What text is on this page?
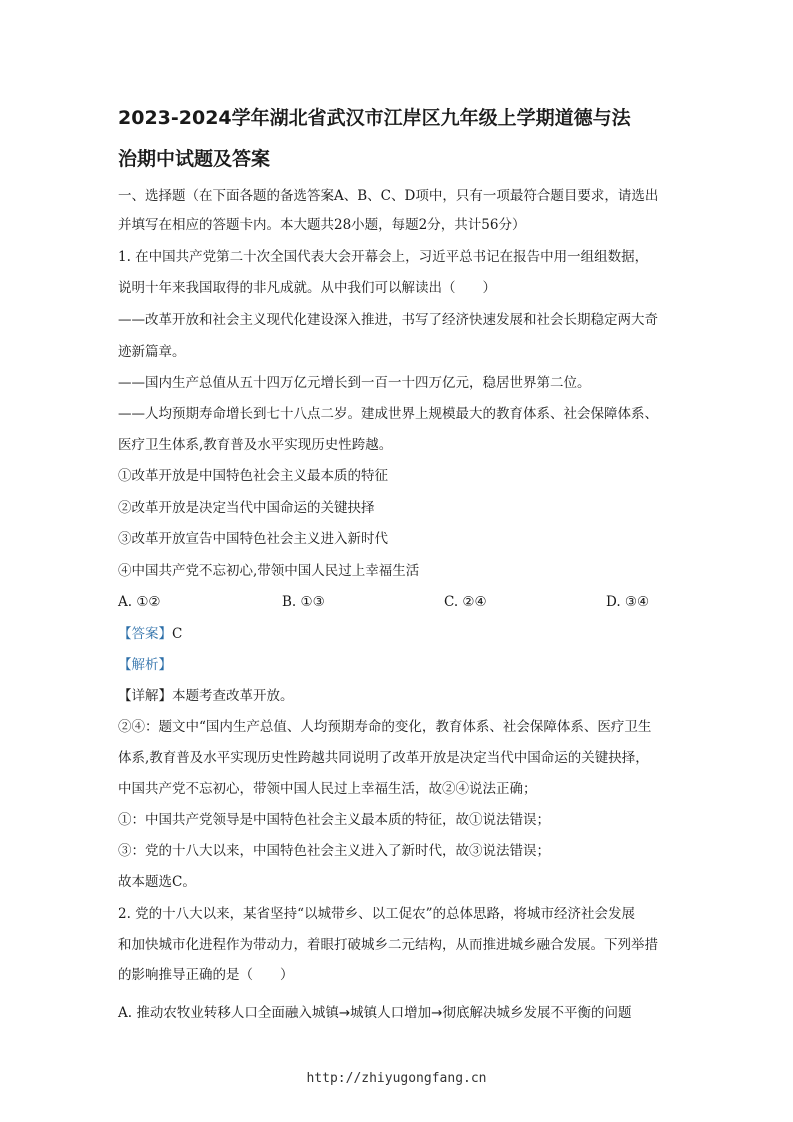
2023-2024学年湖北省武汉市江岸区九年级上学期道德与法
治期中试题及答案
一、选择题（在下面各题的备选答案A、B、C、D项中，只有一项最符合题目要求，请选出
并填写在相应的答题卡内。本大题共28小题，每题2分，共计56分）
1. 在中国共产党第二十次全国代表大会开幕会上，习近平总书记在报告中用一组组数据，
说明十年来我国取得的非凡成就。从中我们可以解读出（　　）
——改革开放和社会主义现代化建设深入推进，书写了经济快速发展和社会长期稳定两大奇
迹新篇章。
——国内生产总值从五十四万亿元增长到一百一十四万亿元，稳居世界第二位。
——人均预期寿命增长到七十八点二岁。建成世界上规模最大的教育体系、社会保障体系、
医疗卫生体系,教育普及水平实现历史性跨越。
①改革开放是中国特色社会主义最本质的特征
②改革开放是决定当代中国命运的关键抉择
③改革开放宣告中国特色社会主义进入新时代
④中国共产党不忘初心,带领中国人民过上幸福生活
A. ①②	B. ①③	C. ②④	D. ③④
【答案】C
【解析】
【详解】本题考查改革开放。
②④：题文中“国内生产总值、人均预期寿命的变化，教育体系、社会保障体系、医疗卫生
体系,教育普及水平实现历史性跨越共同说明了改革开放是决定当代中国命运的关键抉择，
中国共产党不忘初心，带领中国人民过上幸福生活，故②④说法正确；
①：中国共产党领导是中国特色社会主义最本质的特征，故①说法错误；
③：党的十八大以来，中国特色社会主义进入了新时代，故③说法错误；
故本题选C。
2. 党的十八大以来，某省坚持“以城带乡、以工促农”的总体思路，将城市经济社会发展
和加快城市化进程作为带动力，着眼打破城乡二元结构，从而推进城乡融合发展。下列举措
的影响推导正确的是（　　）
A. 推动农牧业转移人口全面融入城镇→城镇人口增加→彻底解决城乡发展不平衡的问题
http://zhiyugongfang.cn
